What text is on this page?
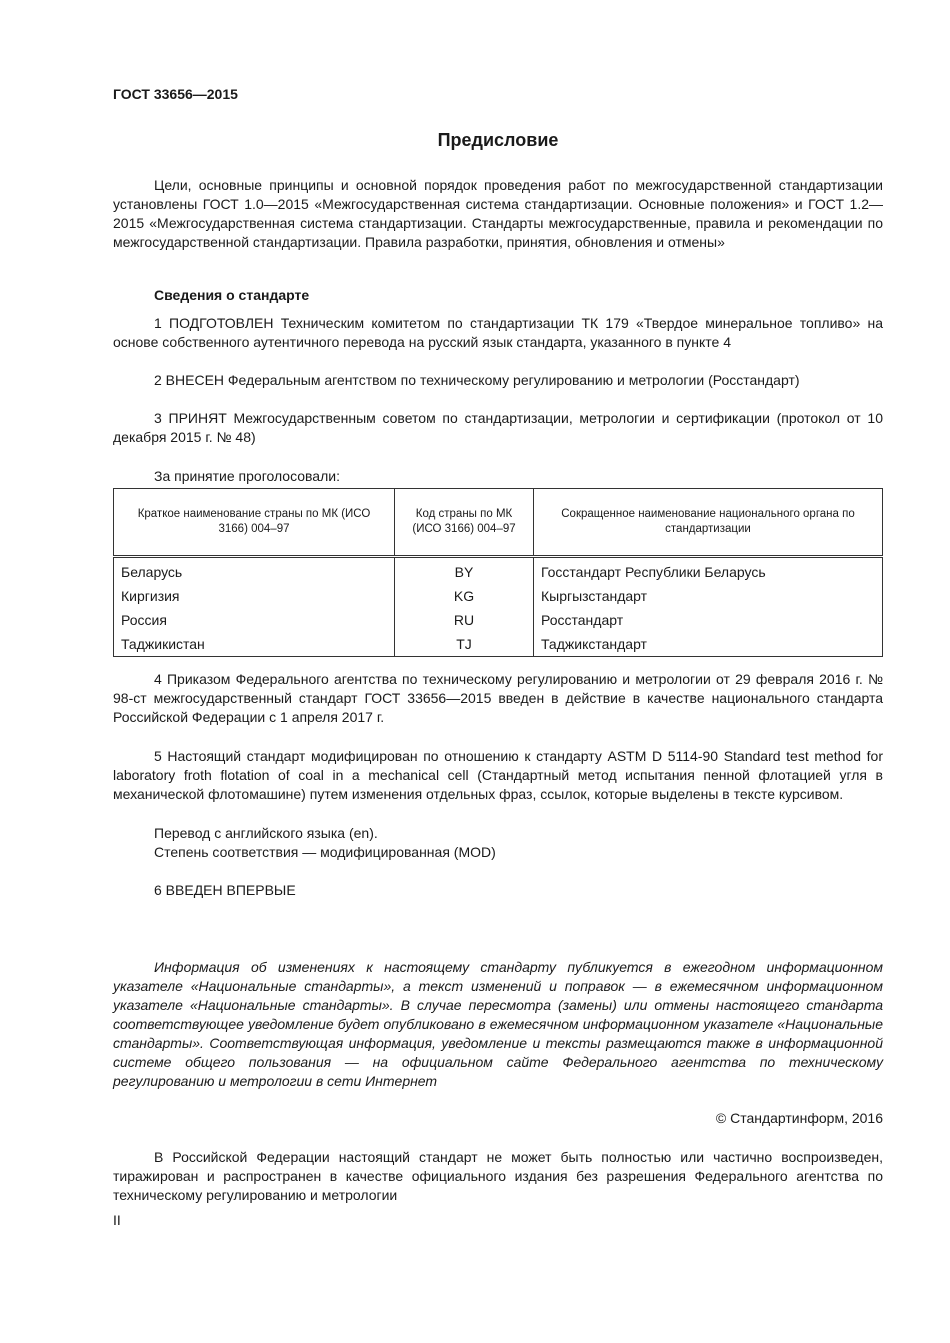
ГОСТ 33656—2015
Предисловие
Цели, основные принципы и основной порядок проведения работ по межгосударственной стандартизации установлены ГОСТ 1.0—2015 «Межгосударственная система стандартизации. Основные положения» и ГОСТ 1.2—2015 «Межгосударственная система стандартизации. Стандарты межгосударственные, правила и рекомендации по межгосударственной стандартизации. Правила разработки, принятия, обновления и отмены»
Сведения о стандарте
1 ПОДГОТОВЛЕН Техническим комитетом по стандартизации ТК 179 «Твердое минеральное топливо» на основе собственного аутентичного перевода на русский язык стандарта, указанного в пункте 4
2 ВНЕСЕН Федеральным агентством по техническому регулированию и метрологии (Росстандарт)
3 ПРИНЯТ Межгосударственным советом по стандартизации, метрологии и сертификации (протокол от 10 декабря 2015 г. № 48)
За принятие проголосовали:
Краткое наименование страны по МК (ИСО 3166) 004–97	Код страны по МК (ИСО 3166) 004–97	Сокращенное наименование национального органа по стандартизации
Беларусь	BY	Госстандарт Республики Беларусь
Киргизия	KG	Кыргызстандарт
Россия	RU	Росстандарт
Таджикистан	TJ	Таджикстандарт
4 Приказом Федерального агентства по техническому регулированию и метрологии от 29 февраля 2016 г. № 98-ст межгосударственный стандарт ГОСТ 33656—2015 введен в действие в качестве национального стандарта Российской Федерации с 1 апреля 2017 г.
5 Настоящий стандарт модифицирован по отношению к стандарту ASTM D 5114-90 Standard test method for laboratory froth flotation of coal in a mechanical cell (Стандартный метод испытания пенной флотацией угля в механической флотомашине) путем изменения отдельных фраз, ссылок, которые выделены в тексте курсивом.
Перевод с английского языка (en).
Степень соответствия — модифицированная (MOD)
6 ВВЕДЕН ВПЕРВЫЕ
Информация об изменениях к настоящему стандарту публикуется в ежегодном информационном указателе «Национальные стандарты», а текст изменений и поправок — в ежемесячном информационном указателе «Национальные стандарты». В случае пересмотра (замены) или отмены настоящего стандарта соответствующее уведомление будет опубликовано в ежемесячном информационном указателе «Национальные стандарты». Соответствующая информация, уведомление и тексты размещаются также в информационной системе общего пользования — на официальном сайте Федерального агентства по техническому регулированию и метрологии в сети Интернет
© Стандартинформ, 2016
В Российской Федерации настоящий стандарт не может быть полностью или частично воспроизведен, тиражирован и распространен в качестве официального издания без разрешения Федерального агентства по техническому регулированию и метрологии
II
